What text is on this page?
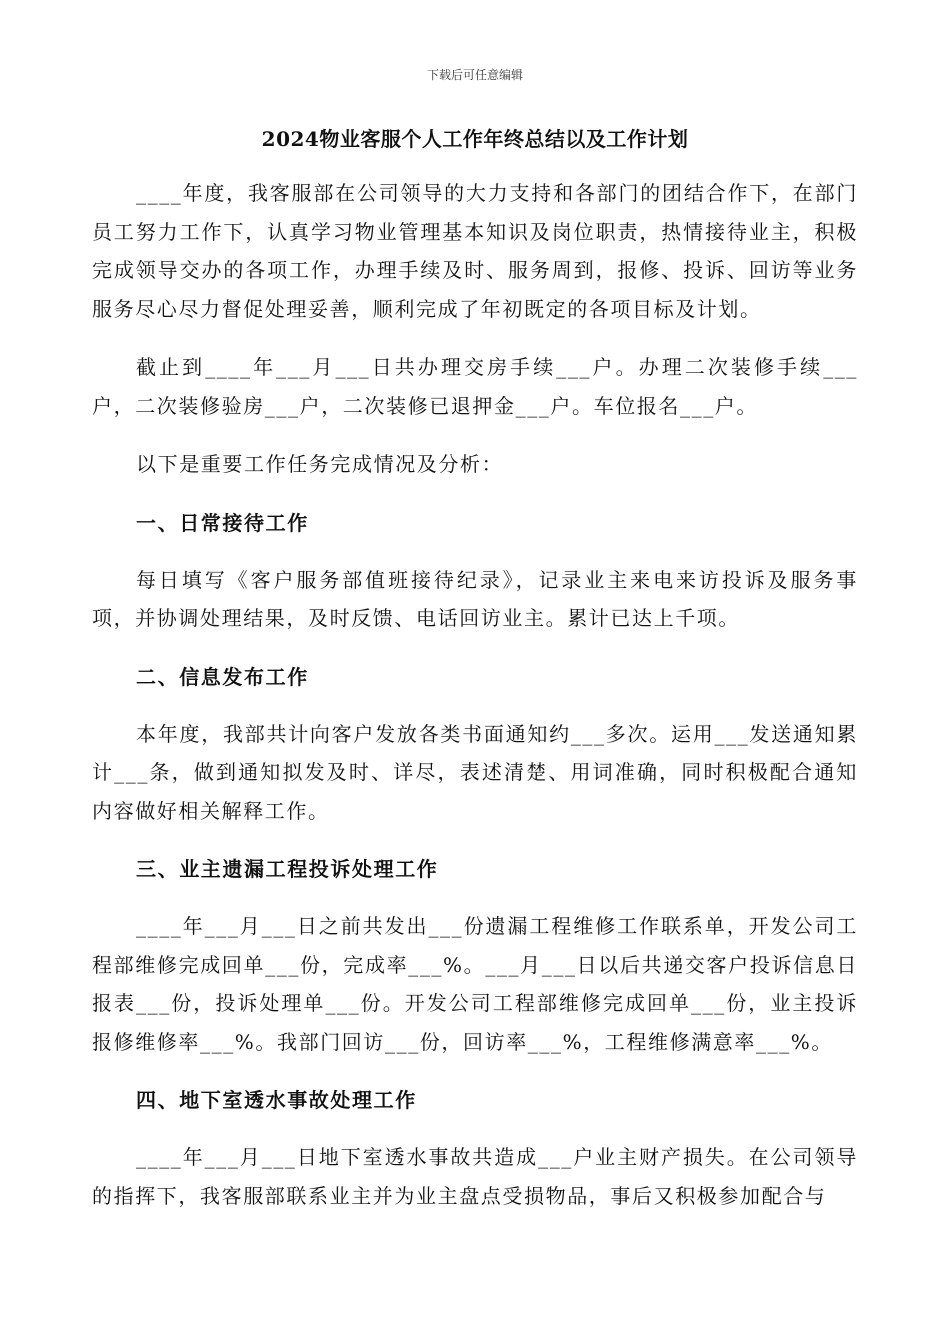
下载后可任意编辑
2024物业客服个人工作年终总结以及工作计划

____年度，我客服部在公司领导的大力支持和各部门的团结合作下，在部门员工努力工作下，认真学习物业管理基本知识及岗位职责，热情接待业主，积极完成领导交办的各项工作，办理手续及时、服务周到，报修、投诉、回访等业务服务尽心尽力督促处理妥善，顺利完成了年初既定的各项目标及计划。

截止到____年___月___日共办理交房手续___户。办理二次装修手续___户，二次装修验房___户，二次装修已退押金___户。车位报名___户。

以下是重要工作任务完成情况及分析：

一、日常接待工作

每日填写《客户服务部值班接待纪录》，记录业主来电来访投诉及服务事项，并协调处理结果，及时反馈、电话回访业主。累计已达上千项。

二、信息发布工作

本年度，我部共计向客户发放各类书面通知约___多次。运用___发送通知累计___条，做到通知拟发及时、详尽，表述清楚、用词准确，同时积极配合通知内容做好相关解释工作。

三、业主遗漏工程投诉处理工作

____年___月___日之前共发出___份遗漏工程维修工作联系单，开发公司工程部维修完成回单___份，完成率___%。___月___日以后共递交客户投诉信息日报表___份，投诉处理单___份。开发公司工程部维修完成回单___份，业主投诉报修维修率___%。我部门回访___份，回访率___%，工程维修满意率___%。

四、地下室透水事故处理工作

____年___月___日地下室透水事故共造成___户业主财产损失。在公司领导的指挥下，我客服部联系业主并为业主盘点受损物品，事后又积极参加配合与
